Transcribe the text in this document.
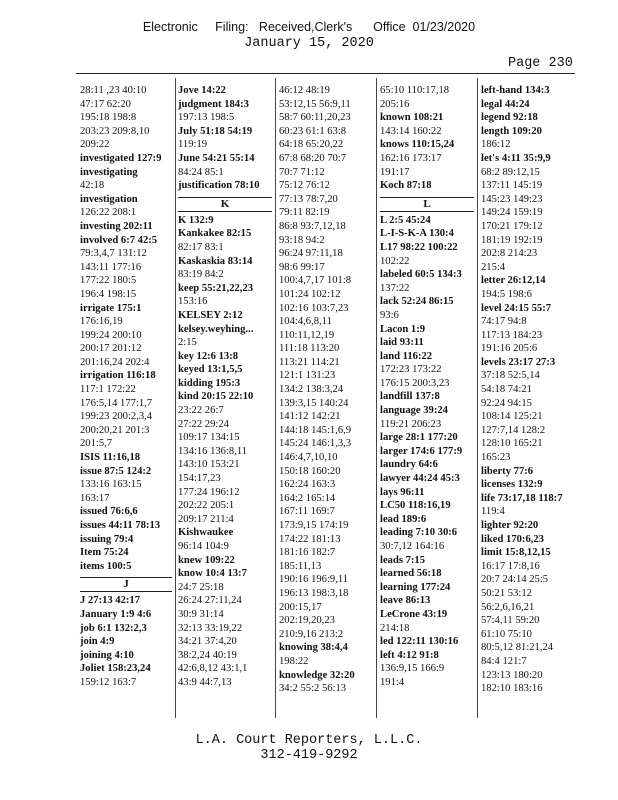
Electronic     Filing:   Received,Clerk's      Office  01/23/2020
January 15, 2020
Page 230
28:11 ,23 40:10
47:17 62:20
195:18 198:8
203:23 209:8,10
209:22
investigated 127:9
investigating
42:18
investigation
126:22 208:1
investing 202:11
involved 6:7 42:5
79:3,4,7 131:12
143:11 177:16
177:22 180:5
196:4 198:15
irrigate 175:1
176:16,19
199:24 200:10
200:17 201:12
201:16,24 202:4
irrigation 116:18
117:1 172:22
176:5,14 177:1,7
199:23 200:2,3,4
200:20,21 201:3
201:5,7
ISIS 11:16,18
issue 87:5 124:2
133:16 163:15
163:17
issued 76:6,6
issues 44:11 78:13
issuing 79:4
Item 75:24
items 100:5
J
J 27:13 42:17
January 1:9 4:6
job 6:1 132:2,3
join 4:9
joining 4:10
Joliet 158:23,24
159:12 163:7
Jove 14:22
judgment 184:3
197:13 198:5
July 51:18 54:19
119:19
June 54:21 55:14
84:24 85:1
justification 78:10
K
K 132:9
Kankakee 82:15
82:17 83:1
Kaskaskia 83:14
83:19 84:2
keep 55:21,22,23
153:16
KELSEY 2:12
kelsey.weyhing...
2:15
key 12:6 13:8
keyed 13:1,5,5
kidding 195:3
kind 20:15 22:10
23:22 26:7
27:22 29:24
109:17 134:15
134:16 136:8,11
143:10 153:21
154:17,23
177:24 196:12
202:22 205:1
209:17 211:4
Kishwaukee
96:14 104:9
knew 109:22
know 10:4 13:7
24:7 25:18
26:24 27:11,24
30:9 31:14
32:13 33:19,22
34:21 37:4,20
38:2,24 40:19
42:6,8,12 43:1,1
43:9 44:7,13
46:12 48:19
53:12,15 56:9,11
58:7 60:11,20,23
60:23 61:1 63:8
64:18 65:20,22
67:8 68:20 70:7
70:7 71:12
75:12 76:12
77:13 78:7,20
79:11 82:19
86:8 93:7,12,18
93:18 94:2
96:24 97:11,18
98:6 99:17
100:4,7,17 101:8
101:24 102:12
102:16 103:7,23
104:4,6,8,11
110:11,12,19
111:18 113:20
113:21 114:21
121:1 131:23
134:2 138:3,24
139:3,15 140:24
141:12 142:21
144:18 145:1,6,9
145:24 146:1,3,3
146:4,7,10,10
150:18 160:20
162:24 163:3
164:2 165:14
167:11 169:7
173:9,15 174:19
174:22 181:13
181:16 182:7
185:11,13
190:16 196:9,11
196:13 198:3,18
200:15,17
202:19,20,23
210:9,16 213:2
knowing 38:4,4
198:22
knowledge 32:20
34:2 55:2 56:13
65:10 110:17,18
205:16
known 108:21
143:14 160:22
knows 110:15,24
162:16 173:17
191:17
Koch 87:18
L
L 2:5 45:24
L-I-S-K-A 130:4
L17 98:22 100:22
102:22
labeled 60:5 134:3
137:22
lack 52:24 86:15
93:6
Lacon 1:9
laid 93:11
land 116:22
172:23 173:22
176:15 200:3,23
landfill 137:8
language 39:24
119:21 206:23
large 28:1 177:20
larger 174:6 177:9
laundry 64:6
lawyer 44:24 45:3
lays 96:11
LC50 118:16,19
lead 189:6
leading 7:10 30:6
30:7,12 164:16
leads 7:15
learned 56:18
learning 177:24
leave 86:13
LeCrone 43:19
214:18
led 122:11 130:16
left 4:12 91:8
136:9,15 166:9
191:4
left-hand 134:3
legal 44:24
legend 92:18
length 109:20
186:12
let's 4:11 35:9,9
68:2 89:12,15
137:11 145:19
145:23 149:23
149:24 159:19
170:21 179:12
181:19 192:19
202:8 214:23
215:4
letter 26:12,14
194:5 198:6
level 24:15 55:7
74:17 94:8
117:13 184:23
191:16 205:6
levels 23:17 27:3
37:18 52:5,14
54:18 74:21
92:24 94:15
108:14 125:21
127:7,14 128:2
128:10 165:21
165:23
liberty 77:6
licenses 132:9
life 73:17,18 118:7
119:4
lighter 92:20
liked 170:6,23
limit 15:8,12,15
16:17 17:8,16
20:7 24:14 25:5
50:21 53:12
56:2,6,16,21
57:4,11 59:20
61:10 75:10
80:5,12 81:21,24
84:4 121:7
123:13 180:20
182:10 183:16
L.A. Court Reporters, L.L.C.
312-419-9292
